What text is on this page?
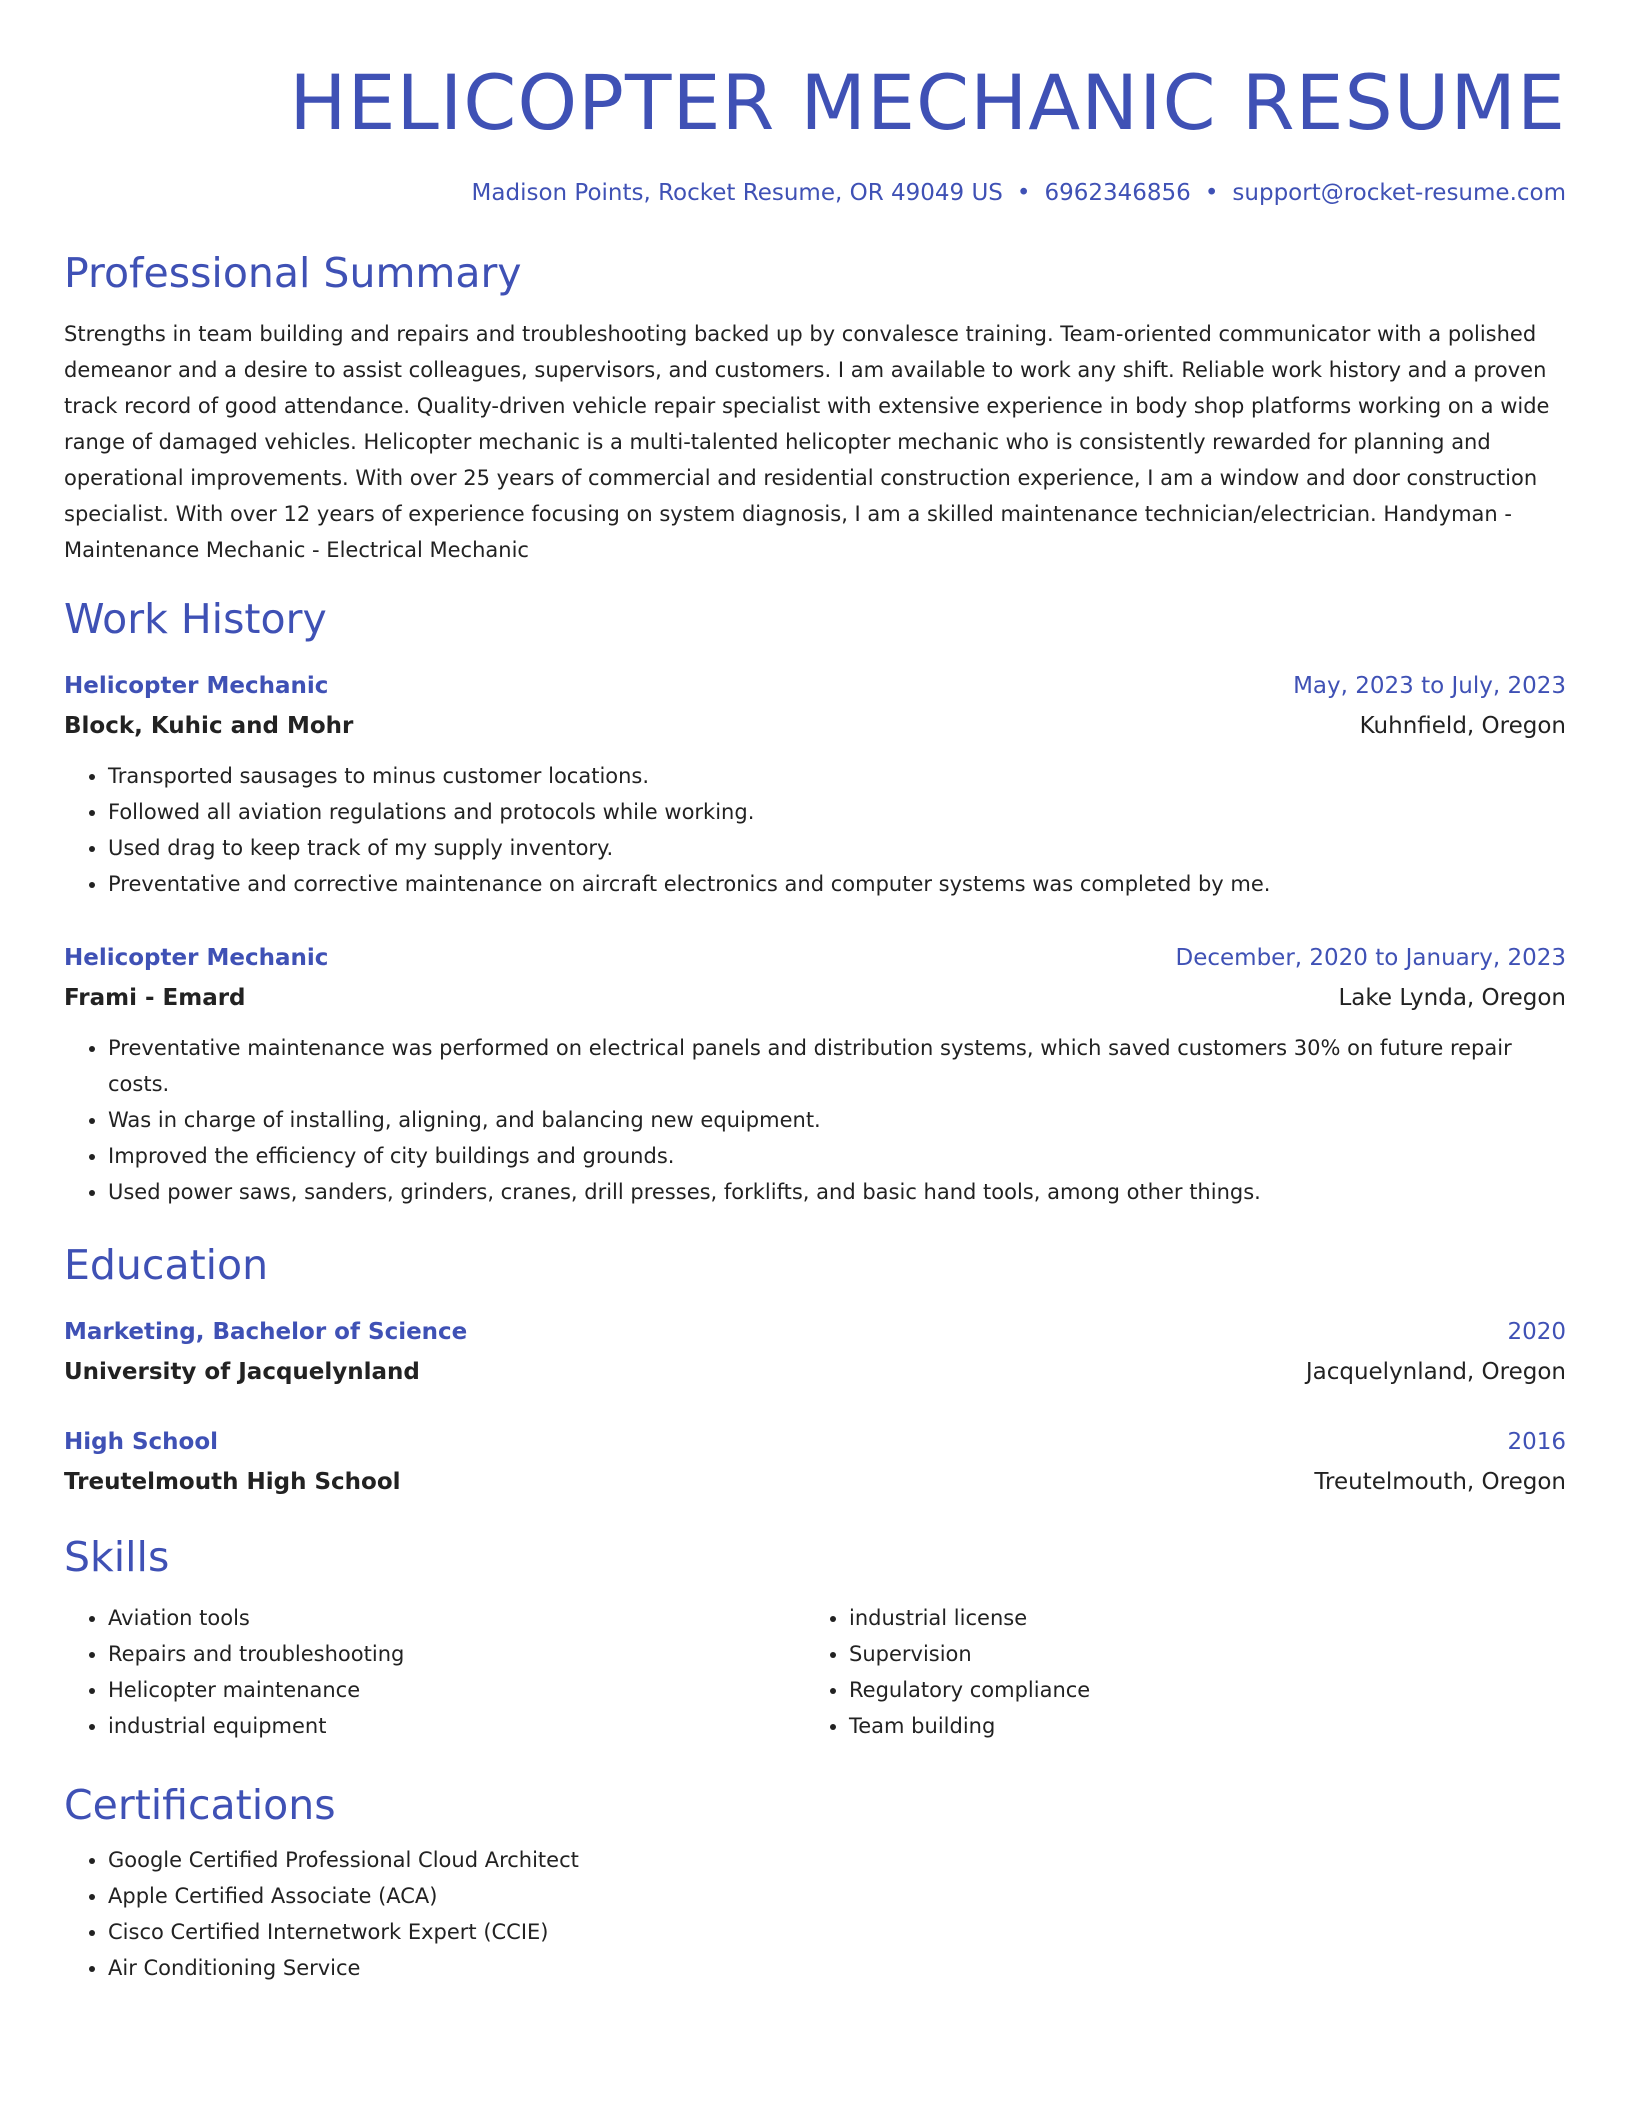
HELICOPTER MECHANIC RESUME
Madison Points, Rocket Resume, OR 49049 US • 6962346856 • support@rocket-resume.com
Professional Summary
Strengths in team building and repairs and troubleshooting backed up by convalesce training. Team-oriented communicator with a polished demeanor and a desire to assist colleagues, supervisors, and customers. I am available to work any shift. Reliable work history and a proven track record of good attendance. Quality-driven vehicle repair specialist with extensive experience in body shop platforms working on a wide range of damaged vehicles. Helicopter mechanic is a multi-talented helicopter mechanic who is consistently rewarded for planning and operational improvements. With over 25 years of commercial and residential construction experience, I am a window and door construction specialist. With over 12 years of experience focusing on system diagnosis, I am a skilled maintenance technician/electrician. Handyman - Maintenance Mechanic - Electrical Mechanic
Work History
Helicopter Mechanic	May, 2023 to July, 2023
Block, Kuhic and Mohr	Kuhnfield, Oregon
• Transported sausages to minus customer locations.
• Followed all aviation regulations and protocols while working.
• Used drag to keep track of my supply inventory.
• Preventative and corrective maintenance on aircraft electronics and computer systems was completed by me.
Helicopter Mechanic	December, 2020 to January, 2023
Frami - Emard	Lake Lynda, Oregon
• Preventative maintenance was performed on electrical panels and distribution systems, which saved customers 30% on future repair costs.
• Was in charge of installing, aligning, and balancing new equipment.
• Improved the efficiency of city buildings and grounds.
• Used power saws, sanders, grinders, cranes, drill presses, forklifts, and basic hand tools, among other things.
Education
Marketing, Bachelor of Science	2020
University of Jacquelynland	Jacquelynland, Oregon
High School	2016
Treutelmouth High School	Treutelmouth, Oregon
Skills
• Aviation tools
• Repairs and troubleshooting
• Helicopter maintenance
• industrial equipment
• industrial license
• Supervision
• Regulatory compliance
• Team building
Certifications
• Google Certified Professional Cloud Architect
• Apple Certified Associate (ACA)
• Cisco Certified Internetwork Expert (CCIE)
• Air Conditioning Service
